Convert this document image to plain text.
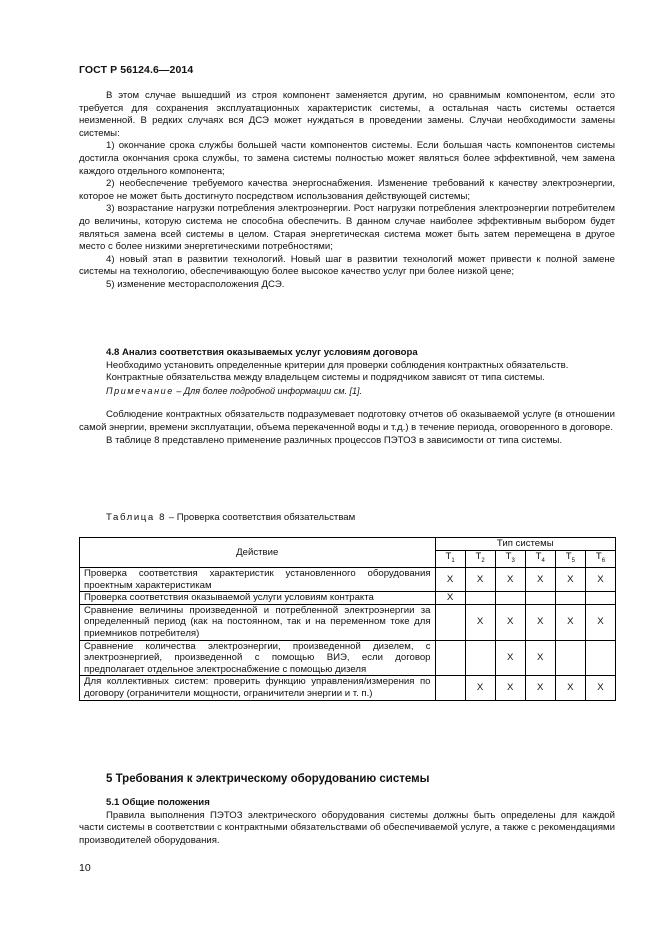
ГОСТ Р 56124.6—2014

В этом случае вышедший из строя компонент заменяется другим, но сравнимым компонентом, если это требуется для сохранения эксплуатационных характеристик системы, а остальная часть системы остается неизменной. В редких случаях вся ДСЭ может нуждаться в проведении замены. Случаи необходимости замены системы:

1) окончание срока службы большей части компонентов системы. Если большая часть компонентов системы достигла окончания срока службы, то замена системы полностью может являться более эффективной, чем замена каждого отдельного компонента;

2) необеспечение требуемого качества энергоснабжения. Изменение требований к качеству электроэнергии, которое не может быть достигнуто посредством использования действующей системы;

3) возрастание нагрузки потребления электроэнергии. Рост нагрузки потребления электроэнергии потребителем до величины, которую система не способна обеспечить. В данном случае наиболее эффективным выбором будет являться замена всей системы в целом. Старая энергетическая система может быть затем перемещена в другое место с более низкими энергетическими потребностями;

4) новый этап в развитии технологий. Новый шаг в развитии технологий может привести к полной замене системы на технологию, обеспечивающую более высокое качество услуг при более низкой цене;

5) изменение месторасположения ДСЭ.

4.8 Анализ соответствия оказываемых услуг условиям договора

Необходимо установить определенные критерии для проверки соблюдения контрактных обязательств.

Контрактные обязательства между владельцем системы и подрядчиком зависят от типа системы.

Примечание – Для более подробной информации см. [1].

Соблюдение контрактных обязательств подразумевает подготовку отчетов об оказываемой услуге (в отношении самой энергии, времени эксплуатации, объема перекаченной воды и т.д.) в течение периода, оговоренного в договоре.

В таблице 8 представлено применение различных процессов ПЭТОЗ в зависимости от типа системы.

Таблица 8 – Проверка соответствия обязательствам
Действие	Тип системы					
	$T_1$	$T_2$	$T_3$	$T_4$	$T_5$	$T_6$
Проверка соответствия характеристик установленного оборудования проектным характеристикам	X	X	X	X	X	X
Проверка соответствия оказываемой услуги условиям контракта	X					
Сравнение величины произведенной и потребленной электроэнергии за определенный период (как на постоянном, так и на переменном токе для приемников потребителя)		X	X	X	X	X
Сравнение количества электроэнергии, произведенной дизелем, с электроэнергией, произведенной с помощью ВИЭ, если договор предполагает отдельное электроснабжение с помощью дизеля			X	X		
Для коллективных систем: проверить функцию управления/измерения по договору (ограничители мощности, ограничители энергии и т. п.)		X	X	X	X	X
5 Требования к электрическому оборудованию системы

5.1 Общие положения

Правила выполнения ПЭТОЗ электрического оборудования системы должны быть определены для каждой части системы в соответствии с контрактными обязательствами об обеспечиваемой услуге, а также с рекомендациями производителей оборудования.

10
